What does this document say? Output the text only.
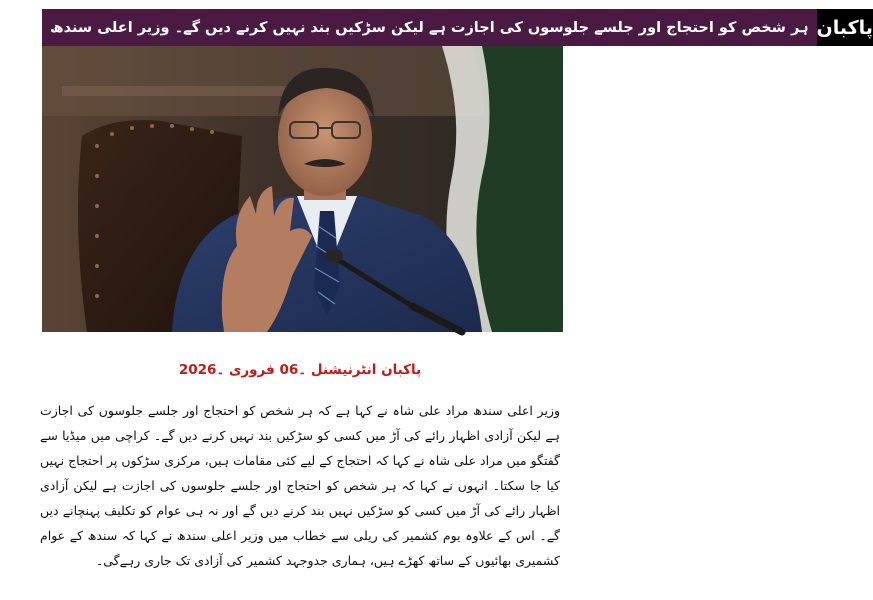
ہر شخص کو احتجاج اور جلسے جلوسوں کی اجازت ہے لیکن سڑکیں بند نہیں کرنے دیں گے۔ وزیر اعلی سندھ پاکبان
پاکبان انٹرنیشنل ۔06 فروری ۔2026
وزیر اعلی سندھ مراد علی شاہ نے کہا ہے کہ ہر شخص کو احتجاج اور جلسے جلوسوں کی اجازت ہے لیکن آزادی اظہار رائے کی آڑ میں کسی کو سڑکیں بند نہیں کرنے دیں گے۔ کراچی میں میڈیا سے گفتگو میں مراد علی شاہ نے کہا کہ احتجاج کے لیے کئی مقامات ہیں، مرکزی سڑکوں پر احتجاج نہیں کیا جا سکتا۔ انہوں نے کہا کہ ہر شخص کو احتجاج اور جلسے جلوسوں کی اجازت ہے لیکن آزادی اظہار رائے کی آڑ میں کسی کو سڑکیں نہیں بند کرنے دیں گے اور نہ ہی عوام کو تکلیف پہنچانے دیں گے۔ اس کے علاوہ یوم کشمیر کی ریلی سے خطاب میں وزیر اعلی سندھ نے کہا کہ سندھ کے عوام کشمیری بھائیوں کے ساتھ کھڑے ہیں، ہماری جدوجہد کشمیر کی آزادی تک جاری رہےگی۔
